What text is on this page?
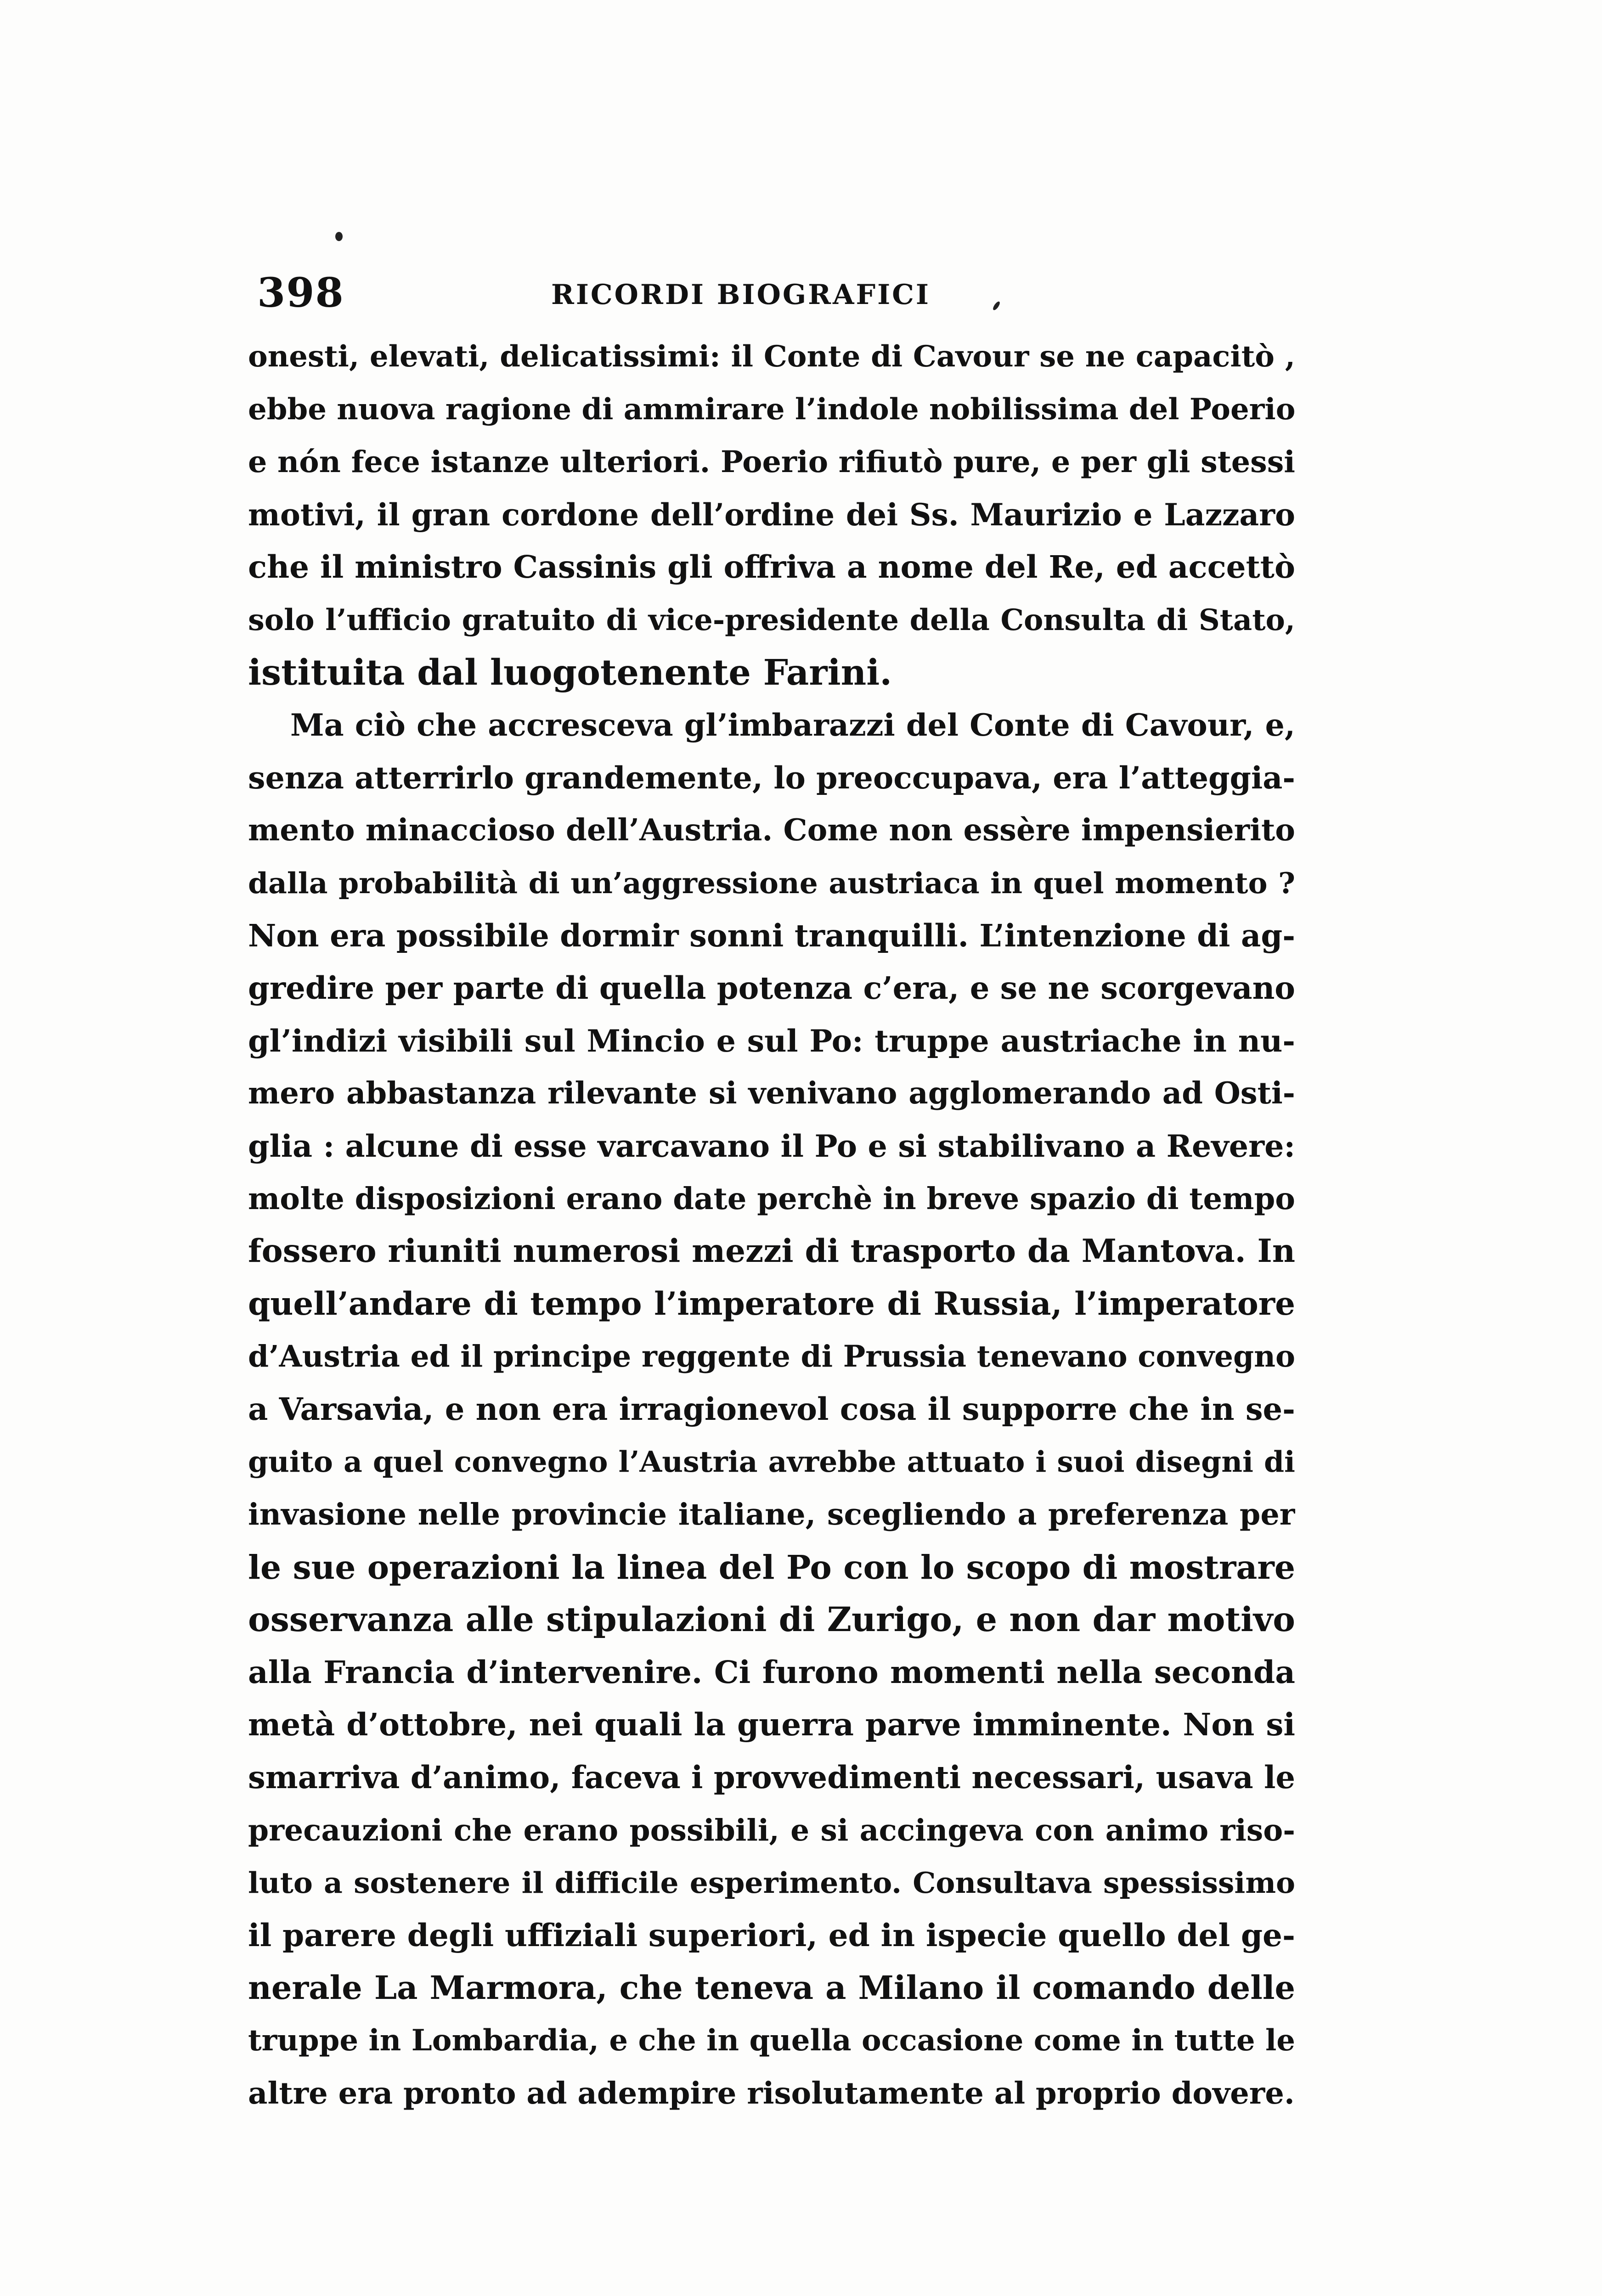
398	RICORDI BIOGRAFICI
onesti, elevati, delicatissimi: il Conte di Cavour se ne capacitò ,
ebbe nuova ragione di ammirare l’indole nobilissima del Poerio
e nón fece istanze ulteriori. Poerio rifiutò pure, e per gli stessi
motivi, il gran cordone dell’ordine dei Ss. Maurizio e Lazzaro
che il ministro Cassinis gli offriva a nome del Re, ed accettò
solo l’ufficio gratuito di vice-presidente della Consulta di Stato,
istituita dal luogotenente Farini.
Ma ciò che accresceva gl’imbarazzi del Conte di Cavour, e,
senza atterrirlo grandemente, lo preoccupava, era l’atteggia-
mento minaccioso dell’Austria. Come non essère impensierito
dalla probabilità di un’aggressione austriaca in quel momento ?
Non era possibile dormir sonni tranquilli. L’intenzione di ag-
gredire per parte di quella potenza c’era, e se ne scorgevano
gl’indizi visibili sul Mincio e sul Po: truppe austriache in nu-
mero abbastanza rilevante si venivano agglomerando ad Osti-
glia : alcune di esse varcavano il Po e si stabilivano a Revere:
molte disposizioni erano date perchè in breve spazio di tempo
fossero riuniti numerosi mezzi di trasporto da Mantova. In
quell’andare di tempo l’imperatore di Russia, l’imperatore
d’Austria ed il principe reggente di Prussia tenevano convegno
a Varsavia, e non era irragionevol cosa il supporre che in se-
guito a quel convegno l’Austria avrebbe attuato i suoi disegni di
invasione nelle provincie italiane, scegliendo a preferenza per
le sue operazioni la linea del Po con lo scopo di mostrare
osservanza alle stipulazioni di Zurigo, e non dar motivo
alla Francia d’intervenire. Ci furono momenti nella seconda
metà d’ottobre, nei quali la guerra parve imminente. Non si
smarriva d’animo, faceva i provvedimenti necessari, usava le
precauzioni che erano possibili, e si accingeva con animo riso-
luto a sostenere il difficile esperimento. Consultava spessissimo
il parere degli uffiziali superiori, ed in ispecie quello del ge-
nerale La Marmora, che teneva a Milano il comando delle
truppe in Lombardia, e che in quella occasione come in tutte le
altre era pronto ad adempire risolutamente al proprio dovere.
